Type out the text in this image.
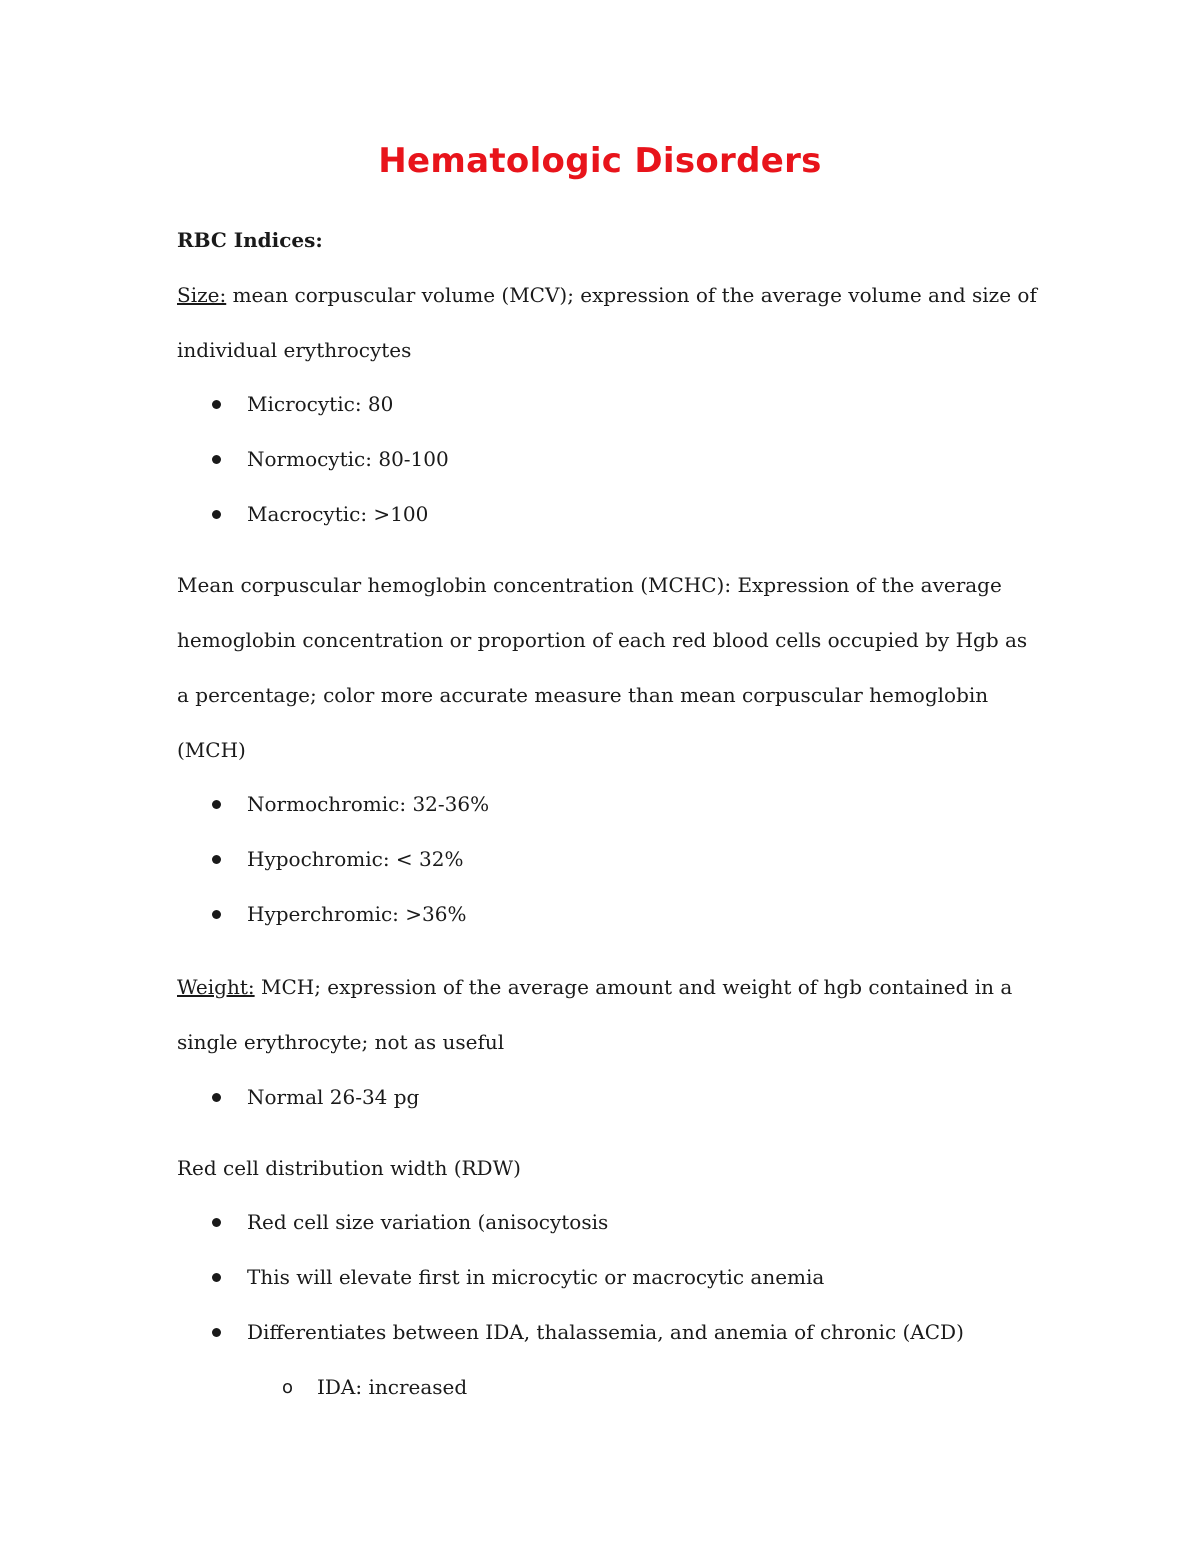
Hematologic Disorders
RBC Indices:
Size: mean corpuscular volume (MCV); expression of the average volume and size of
individual erythrocytes
Microcytic: 80
Normocytic: 80-100
Macrocytic: >100
Mean corpuscular hemoglobin concentration (MCHC): Expression of the average
hemoglobin concentration or proportion of each red blood cells occupied by Hgb as
a percentage; color more accurate measure than mean corpuscular hemoglobin
(MCH)
Normochromic: 32-36%
Hypochromic: < 32%
Hyperchromic: >36%
Weight: MCH; expression of the average amount and weight of hgb contained in a
single erythrocyte; not as useful
Normal 26-34 pg
Red cell distribution width (RDW)
Red cell size variation (anisocytosis
This will elevate first in microcytic or macrocytic anemia
Differentiates between IDA, thalassemia, and anemia of chronic (ACD)
o IDA: increased
